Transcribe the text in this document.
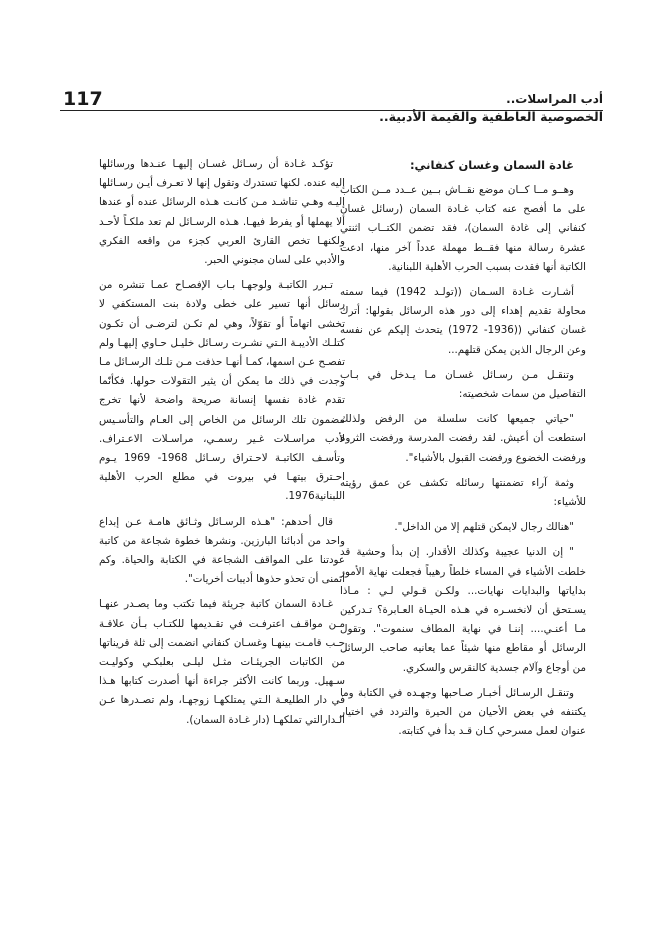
117	أدب المراسلات..
الخصوصية العاطفية والقيمة الأدبية..

غادة السمان وغسان كنفاني:

وهــو مــا كــان موضع نقــاش بــين عــدد مــن الكتاب على ما أفصح عنه كتاب غـادة السمان (رسائل غسان كنفاني إلى غادة السمان)، فقد تضمن الكتــاب اثنتي عشرة رسالة منها فقــط مهملة عدداً آخر منها، ادعت الكاتبة أنها فقدت بسبب الحرب الأهلية اللبنانية.

أشـارت غـادة السـمان ((تولـد 1942) فيما سمته محاولة تقديم إهداء إلى دور هذه الرسائل بقولها: أترك غسان كنفاني ((1936- 1972) يتحدث إليكم عن نفسه وعن الرجال الذين يمكن قتلهم...

وتنقـل مـن رسـائل غسـان مـا يـدخل في بـاب التفاصيل من سمات شخصيته:

"حياتي جميعها كانت سلسلة من الرفض ولذلك استطعت أن أعيش. لقد رفضت المدرسة ورفضت الثروة ورفضت الخضوع ورفضت القبول بالأشياء".

وثمة آراء تضمنتها رسائله تكشف عن عمق رؤيته للأشياء:

"هنالك رجال لايمكن قتلهم إلا من الداخل".

" إن الدنيا عجيبة وكذلك الأقدار. إن بدأ وحشية قد خلطت الأشياء في المساء خلطاً رهيباً فجعلت نهاية الأمور بداياتها والبدايات نهايات... ولكـن قـولي لـي : مـاذا يسـتحق أن لانخسـره في هـذه الحيـاة العـابرة؟ تـدركين مـا أعنـي.... إننـا في نهاية المطاف سنموت". وتقول الرسائل أو مقاطع منها شيئاً عما يعانيه صاحب الرسائل من أوجاع وآلام جسدية كالنقرس والسكري.

وتنقـل الرسـائل أخبـار صـاحبها وجهـده في الكتابة وما يكتنفه في بعض الأحيان من الحيرة والتردد في اختيار عنوان لعمل مسرحي كـان قـد بدأ في كتابته.

تؤكـد غـادة أن رسـائل غسـان إليهـا عنـدها ورسائلها إليه عنده. لكنها تستدرك وتقول إنها لا تعـرف أيـن رسـائلها إليـه وهـي تناشـد مـن كانـت هـذه الرسائل عنده أو عندها ألا يهملها أو يفرط فيهـا. هـذه الرسـائل لم تعد ملكـاً لأحـد ولكنهـا تخص القارئ العربي كجزء من واقعه الفكري والأدبي على لسان مجنوني الحبر.

تـبرر الكاتبـة ولوجهـا بـاب الإفصـاح عمـا تنشره من رسائل أنها تسير على خطى ولادة بنت المستكفي لا تخشى اتهاماً أو تقوّلاً، وهي لم تكـن لترضـى أن تكـون كتلـك الأديبـة الـتي نشـرت رسـائل خليـل حـاوي إليهـا ولم تفصـح عـن اسمها، كمـا أنهـا حذفت مـن تلـك الرسـائل مـا وجدت في ذلك ما يمكن أن يثير التقولات حولها. فكأنّما تقدم غادة نفسها إنسانة صريحة واضحة لأنها تخرج مضمون تلك الرسائل من الخاص إلى العـام والتأسـيس لأدب مراسـلات غـير رسمـي، مراسـلات الاعـتراف. وتأسـف الكاتبـة لاحـتراق رسـائل 1968- 1969 يـوم احـترق بيتهـا في بيروت في مطلع الحرب الأهلية اللبنانية1976.

قال أحدهم: "هـذه الرسـائل وثـائق هامـة عـن إبداع واحد من أدبائنا البارزين. ونشرها خطوة شجاعة من كاتبة عودتنا على المواقف الشجاعة في الكتابة والحياة. وكم أتمنى أن تحذو حذوها أديبات أخريات".

غـادة السمان كاتبة جريئة فيما تكتب وما يصـدر عنهـا مـن مواقـف اعترفـت في تقـديمها للكتـاب بـأن علاقـة حـب قامـت بينهـا وغسـان كنفاني انضمت إلى ثلة قريناتها من الكاتبات الجريئـات مثـل ليلـى بعلبكـي وكوليـت سـهيل. وربما كانت الأكثر جراءة أنها أصدرت كتابها هـذا في دار الطليعـة الـتي يمتلكهـا زوجهـا، ولم تصـدرها عـن الـدارالتي تملكهـا (دار غـادة السمان).
